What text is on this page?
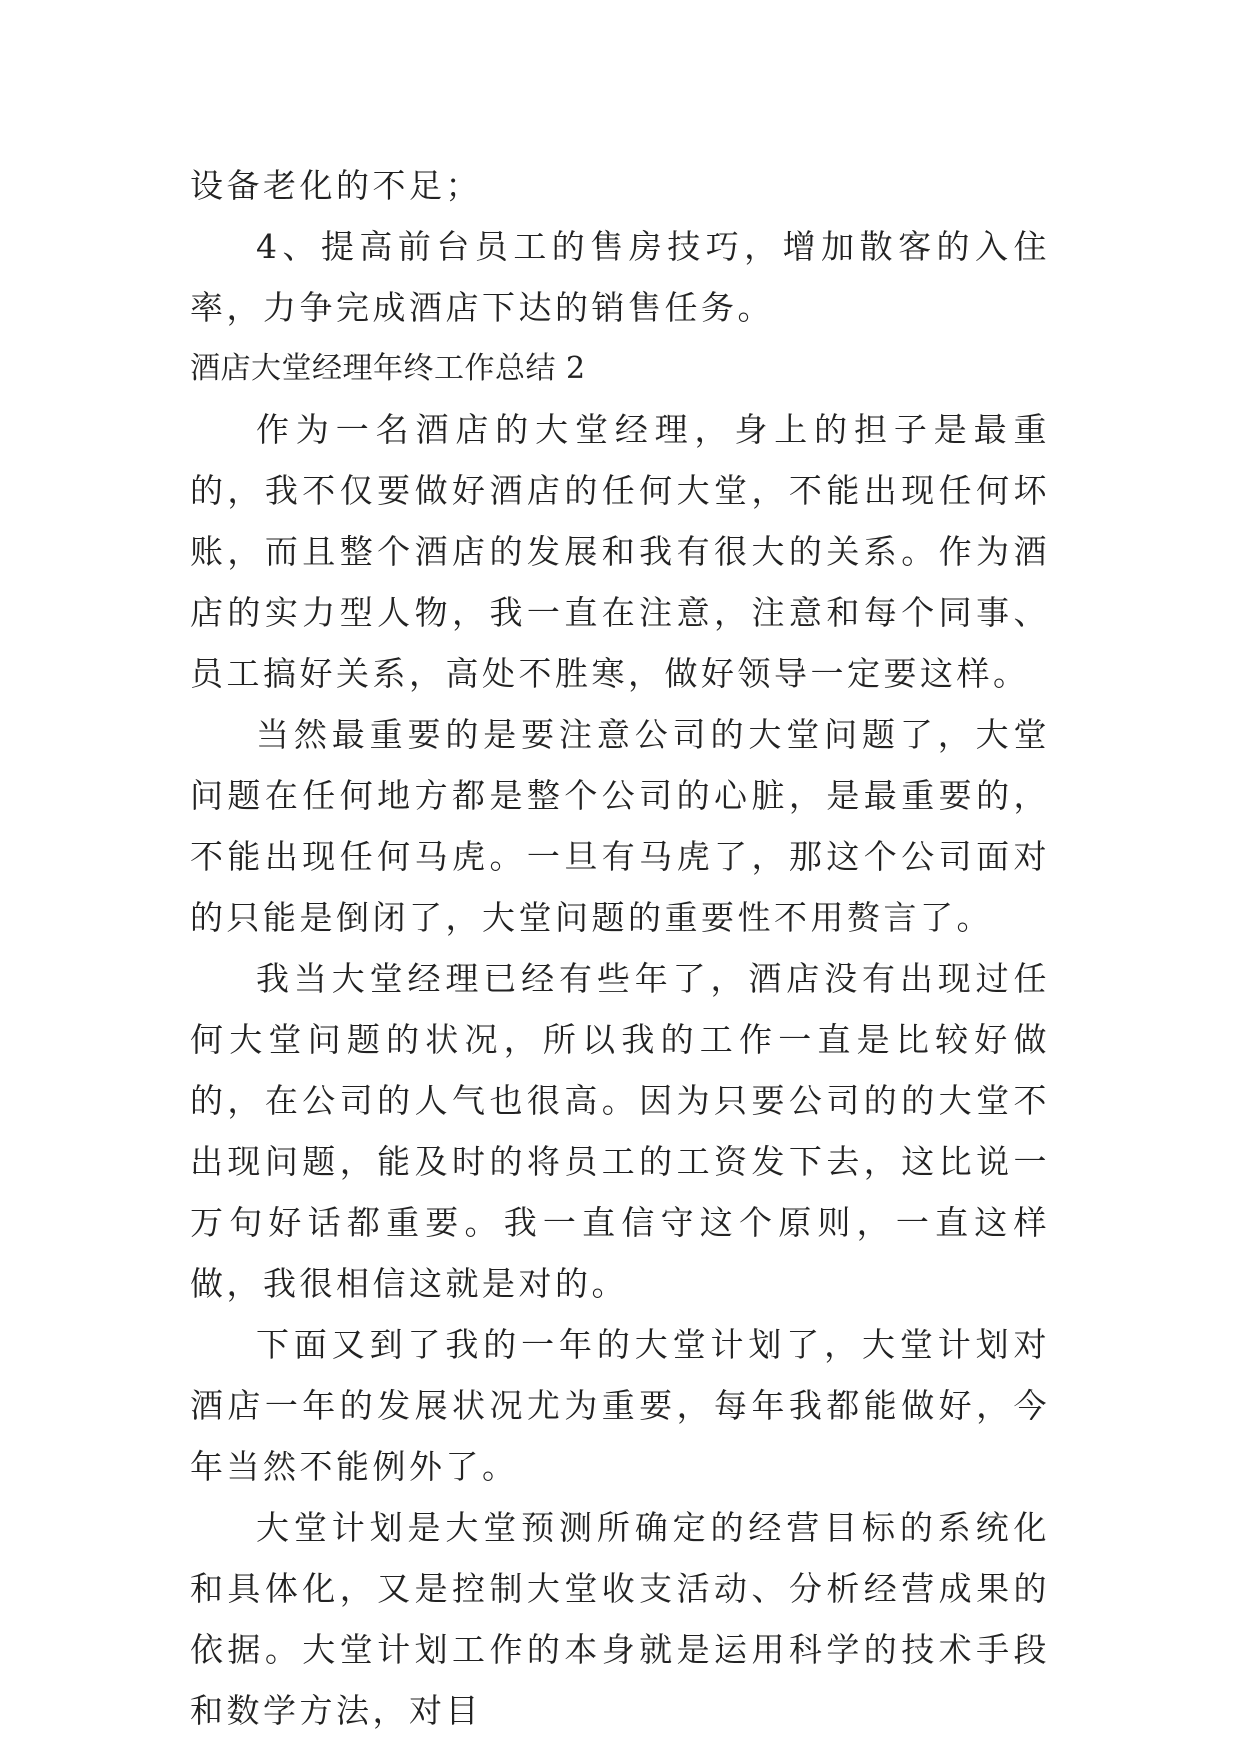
设备老化的不足；

4、提高前台员工的售房技巧，增加散客的入住率，力争完成酒店下达的销售任务。

酒店大堂经理年终工作总结 2

作为一名酒店的大堂经理，身上的担子是最重的，我不仅要做好酒店的任何大堂，不能出现任何坏账，而且整个酒店的发展和我有很大的关系。作为酒店的实力型人物，我一直在注意，注意和每个同事、员工搞好关系，高处不胜寒，做好领导一定要这样。

当然最重要的是要注意公司的大堂问题了，大堂问题在任何地方都是整个公司的心脏，是最重要的，不能出现任何马虎。一旦有马虎了，那这个公司面对的只能是倒闭了，大堂问题的重要性不用赘言了。

我当大堂经理已经有些年了，酒店没有出现过任何大堂问题的状况，所以我的工作一直是比较好做的，在公司的人气也很高。因为只要公司的的大堂不出现问题，能及时的将员工的工资发下去，这比说一万句好话都重要。我一直信守这个原则，一直这样做，我很相信这就是对的。

下面又到了我的一年的大堂计划了，大堂计划对酒店一年的发展状况尤为重要，每年我都能做好，今年当然不能例外了。

大堂计划是大堂预测所确定的经营目标的系统化和具体化，又是控制大堂收支活动、分析经营成果的依据。大堂计划工作的本身就是运用科学的技术手段和数学方法，对目
